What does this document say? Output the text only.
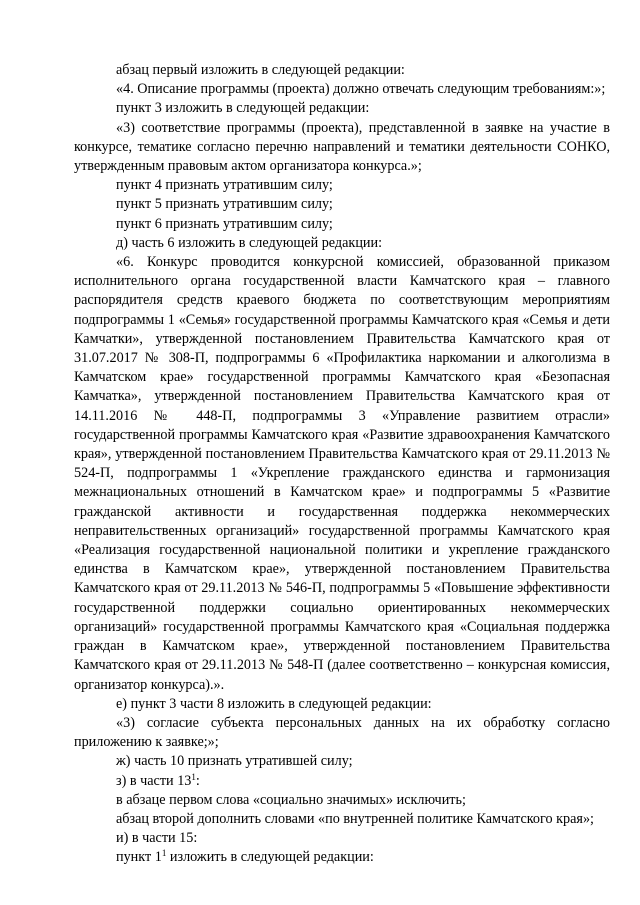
абзац первый изложить в следующей редакции:

«4. Описание программы (проекта) должно отвечать следующим требованиям:»;

пункт 3 изложить в следующей редакции:

«3) соответствие программы (проекта), представленной в заявке на участие в конкурсе, тематике согласно перечню направлений и тематики деятельности СОНКО, утвержденным правовым актом организатора конкурса.»;

пункт 4 признать утратившим силу;

пункт 5 признать утратившим силу;

пункт 6 признать утратившим силу;

д) часть 6 изложить в следующей редакции:

«6. Конкурс проводится конкурсной комиссией, образованной приказом исполнительного органа государственной власти Камчатского края – главного распорядителя средств краевого бюджета по соответствующим мероприятиям подпрограммы 1 «Семья» государственной программы Камчатского края «Семья и дети Камчатки», утвержденной постановлением Правительства Камчатского края от 31.07.2017 № 308-П, подпрограммы 6 «Профилактика наркомании и алкоголизма в Камчатском крае» государственной программы Камчатского края «Безопасная Камчатка», утвержденной постановлением Правительства Камчатского края от 14.11.2016 № 448-П, подпрограммы 3 «Управление развитием отрасли» государственной программы Камчатского края «Развитие здравоохранения Камчатского края», утвержденной постановлением Правительства Камчатского края от 29.11.2013 № 524-П, подпрограммы 1 «Укрепление гражданского единства и гармонизация межнациональных отношений в Камчатском крае» и подпрограммы 5 «Развитие гражданской активности и государственная поддержка некоммерческих неправительственных организаций» государственной программы Камчатского края «Реализация государственной национальной политики и укрепление гражданского единства в Камчатском крае», утвержденной постановлением Правительства Камчатского края от 29.11.2013 № 546-П, подпрограммы 5 «Повышение эффективности государственной поддержки социально ориентированных некоммерческих организаций» государственной программы Камчатского края «Социальная поддержка граждан в Камчатском крае», утвержденной постановлением Правительства Камчатского края от 29.11.2013 № 548-П (далее соответственно – конкурсная комиссия, организатор конкурса).».

е) пункт 3 части 8 изложить в следующей редакции:

«3) согласие субъекта персональных данных на их обработку согласно приложению к заявке;»;

ж) часть 10 признать утратившей силу;

з) в части $13^1$:

в абзаце первом слова «социально значимых» исключить;

абзац второй дополнить словами «по внутренней политике Камчатского края»;

и) в части 15:

пункт $1^1$ изложить в следующей редакции:
